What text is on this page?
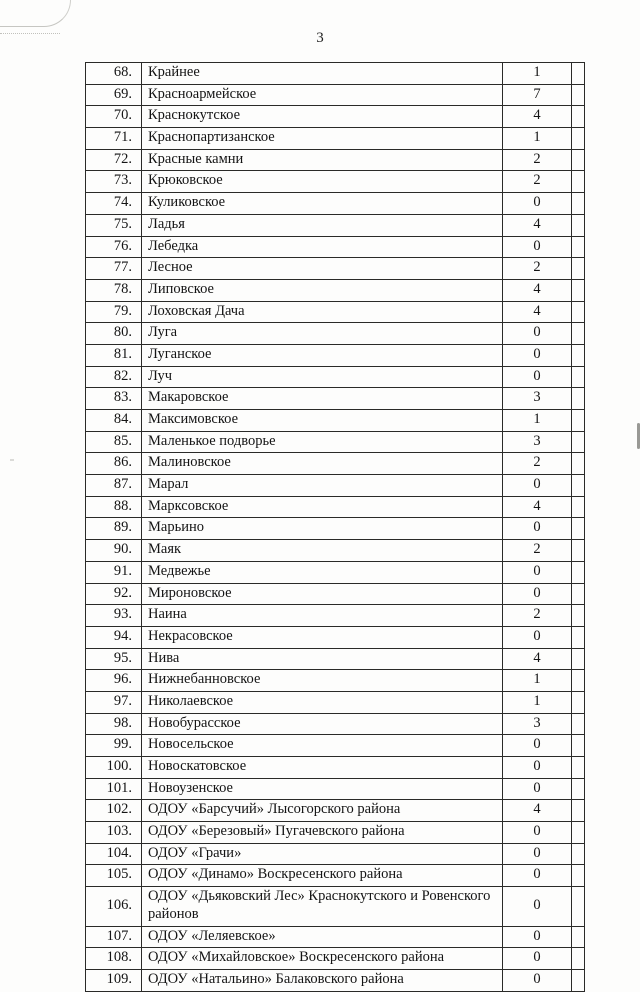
3
68.	Крайнее	1	
69.	Красноармейское	7	
70.	Краснокутское	4	
71.	Краснопартизанское	1	
72.	Красные камни	2	
73.	Крюковское	2	
74.	Куликовское	0	
75.	Ладья	4	
76.	Лебедка	0	
77.	Лесное	2	
78.	Липовское	4	
79.	Лоховская Дача	4	
80.	Луга	0	
81.	Луганское	0	
82.	Луч	0	
83.	Макаровское	3	
84.	Максимовское	1	
85.	Маленькое подворье	3	
86.	Малиновское	2	
87.	Марал	0	
88.	Марксовское	4	
89.	Марьино	0	
90.	Маяк	2	
91.	Медвежье	0	
92.	Мироновское	0	
93.	Наина	2	
94.	Некрасовское	0	
95.	Нива	4	
96.	Нижнебанновское	1	
97.	Николаевское	1	
98.	Новобурасское	3	
99.	Новосельское	0	
100.	Новоскатовское	0	
101.	Новоузенское	0	
102.	ОДОУ «Барсучий» Лысогорского района	4	
103.	ОДОУ «Березовый» Пугачевского района	0	
104.	ОДОУ «Грачи»	0	
105.	ОДОУ «Динамо» Воскресенского района	0	
106.	ОДОУ «Дьяковский Лес» Краснокутского и Ровенского районов	0	
107.	ОДОУ «Леляевское»	0	
108.	ОДОУ «Михайловское» Воскресенского района	0	
109.	ОДОУ «Натальино» Балаковского района	0	
